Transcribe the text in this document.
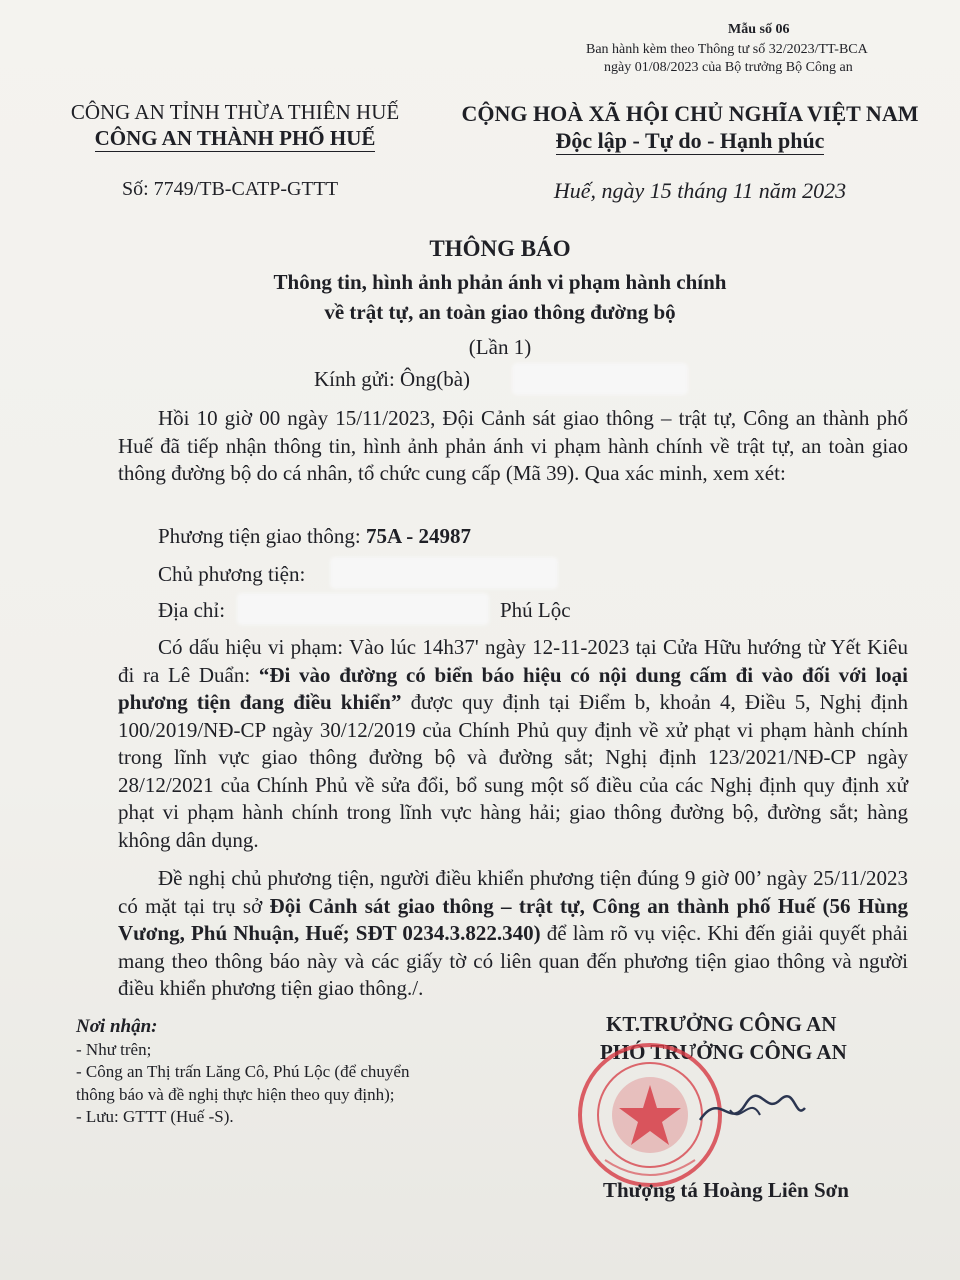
Mẫu số 06
Ban hành kèm theo Thông tư số 32/2023/TT-BCA
ngày 01/08/2023 của Bộ trưởng Bộ Công an
CÔNG AN TỈNH THỪA THIÊN HUẾ
CÔNG AN THÀNH PHỐ HUẾ
Số: 7749/TB-CATP-GTTT
CỘNG HOÀ XÃ HỘI CHỦ NGHĨA VIỆT NAM
Độc lập - Tự do - Hạnh phúc
Huế, ngày 15 tháng 11 năm 2023
THÔNG BÁO
Thông tin, hình ảnh phản ánh vi phạm hành chính
về trật tự, an toàn giao thông đường bộ
(Lần 1)
Kính gửi: Ông(bà)
Hồi 10 giờ 00 ngày 15/11/2023, Đội Cảnh sát giao thông – trật tự, Công an thành phố Huế đã tiếp nhận thông tin, hình ảnh phản ánh vi phạm hành chính về trật tự, an toàn giao thông đường bộ do cá nhân, tổ chức cung cấp (Mã 39). Qua xác minh, xem xét:
Phương tiện giao thông: 75A - 24987
Chủ phương tiện:
Địa chỉ:	Phú Lộc
Có dấu hiệu vi phạm: Vào lúc 14h37' ngày 12-11-2023 tại Cửa Hữu hướng từ Yết Kiêu đi ra Lê Duẩn: “Đi vào đường có biển báo hiệu có nội dung cấm đi vào đối với loại phương tiện đang điều khiển” được quy định tại Điểm b, khoản 4, Điều 5, Nghị định 100/2019/NĐ-CP ngày 30/12/2019 của Chính Phủ quy định về xử phạt vi phạm hành chính trong lĩnh vực giao thông đường bộ và đường sắt; Nghị định 123/2021/NĐ-CP ngày 28/12/2021 của Chính Phủ về sửa đổi, bổ sung một số điều của các Nghị định quy định xử phạt vi phạm hành chính trong lĩnh vực hàng hải; giao thông đường bộ, đường sắt; hàng không dân dụng.
Đề nghị chủ phương tiện, người điều khiển phương tiện đúng 9 giờ 00’ ngày 25/11/2023 có mặt tại trụ sở Đội Cảnh sát giao thông – trật tự, Công an thành phố Huế (56 Hùng Vương, Phú Nhuận, Huế; SĐT 0234.3.822.340) để làm rõ vụ việc. Khi đến giải quyết phải mang theo thông báo này và các giấy tờ có liên quan đến phương tiện giao thông và người điều khiển phương tiện giao thông./.
Nơi nhận:
- Như trên;
- Công an Thị trấn Lăng Cô, Phú Lộc (để chuyển
thông báo và đề nghị thực hiện theo quy định);
- Lưu: GTTT (Huế -S).
KT.TRƯỞNG CÔNG AN
PHÓ TRƯỞNG CÔNG AN
Thượng tá Hoàng Liên Sơn
